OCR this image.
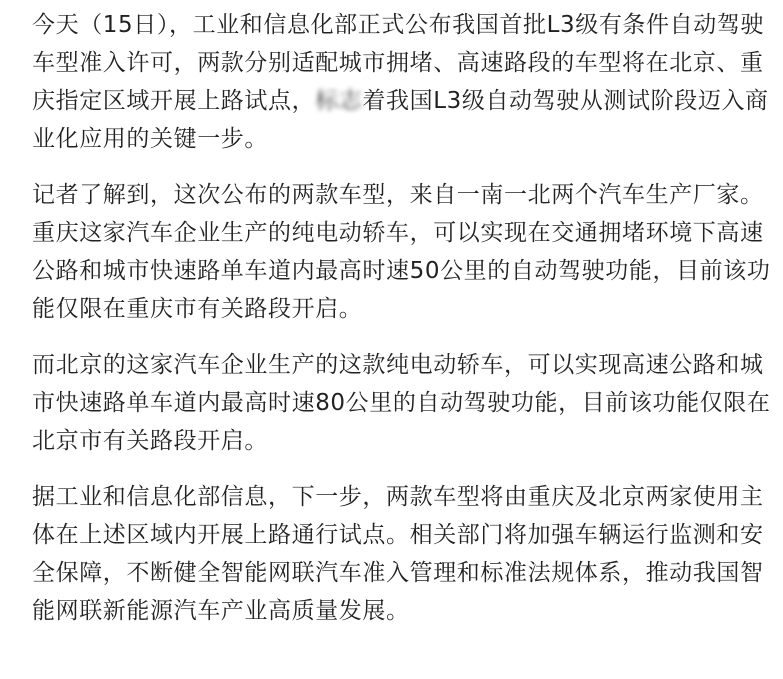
今天（15日），工业和信息化部正式公布我国首批L3级有条件自动驾驶车型准入许可，两款分别适配城市拥堵、高速路段的车型将在北京、重庆指定区域开展上路试点，标志着我国L3级自动驾驶从测试阶段迈入商业化应用的关键一步。

记者了解到，这次公布的两款车型，来自一南一北两个汽车生产厂家。重庆这家汽车企业生产的纯电动轿车，可以实现在交通拥堵环境下高速公路和城市快速路单车道内最高时速50公里的自动驾驶功能，目前该功能仅限在重庆市有关路段开启。

而北京的这家汽车企业生产的这款纯电动轿车，可以实现高速公路和城市快速路单车道内最高时速80公里的自动驾驶功能，目前该功能仅限在北京市有关路段开启。

据工业和信息化部信息，下一步，两款车型将由重庆及北京两家使用主体在上述区域内开展上路通行试点。相关部门将加强车辆运行监测和安全保障，不断健全智能网联汽车准入管理和标准法规体系，推动我国智能网联新能源汽车产业高质量发展。
